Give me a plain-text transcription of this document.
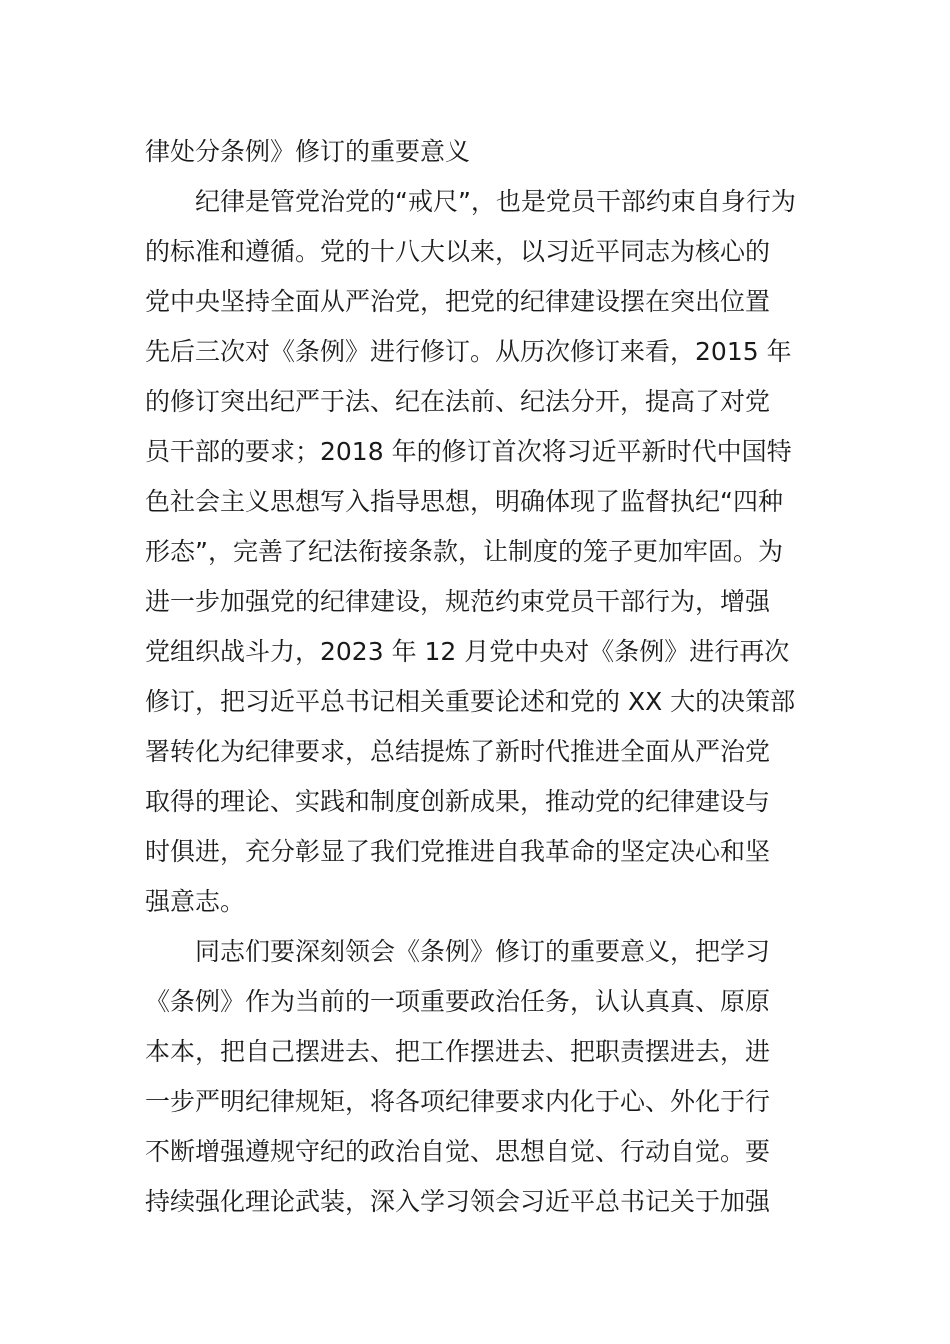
律处分条例》修订的重要意义
纪律是管党治党的“戒尺”，也是党员干部约束自身行为
的标准和遵循。党的十八大以来，以习近平同志为核心的
党中央坚持全面从严治党，把党的纪律建设摆在突出位置
先后三次对《条例》进行修订。从历次修订来看，2015 年
的修订突出纪严于法、纪在法前、纪法分开，提高了对党
员干部的要求；2018 年的修订首次将习近平新时代中国特
色社会主义思想写入指导思想，明确体现了监督执纪“四种
形态”，完善了纪法衔接条款，让制度的笼子更加牢固。为
进一步加强党的纪律建设，规范约束党员干部行为，增强
党组织战斗力，2023 年 12 月党中央对《条例》进行再次
修订，把习近平总书记相关重要论述和党的 XX 大的决策部
署转化为纪律要求，总结提炼了新时代推进全面从严治党
取得的理论、实践和制度创新成果，推动党的纪律建设与
时俱进，充分彰显了我们党推进自我革命的坚定决心和坚
强意志。
同志们要深刻领会《条例》修订的重要意义，把学习
《条例》作为当前的一项重要政治任务，认认真真、原原
本本，把自己摆进去、把工作摆进去、把职责摆进去，进
一步严明纪律规矩，将各项纪律要求内化于心、外化于行
不断增强遵规守纪的政治自觉、思想自觉、行动自觉。要
持续强化理论武装，深入学习领会习近平总书记关于加强
